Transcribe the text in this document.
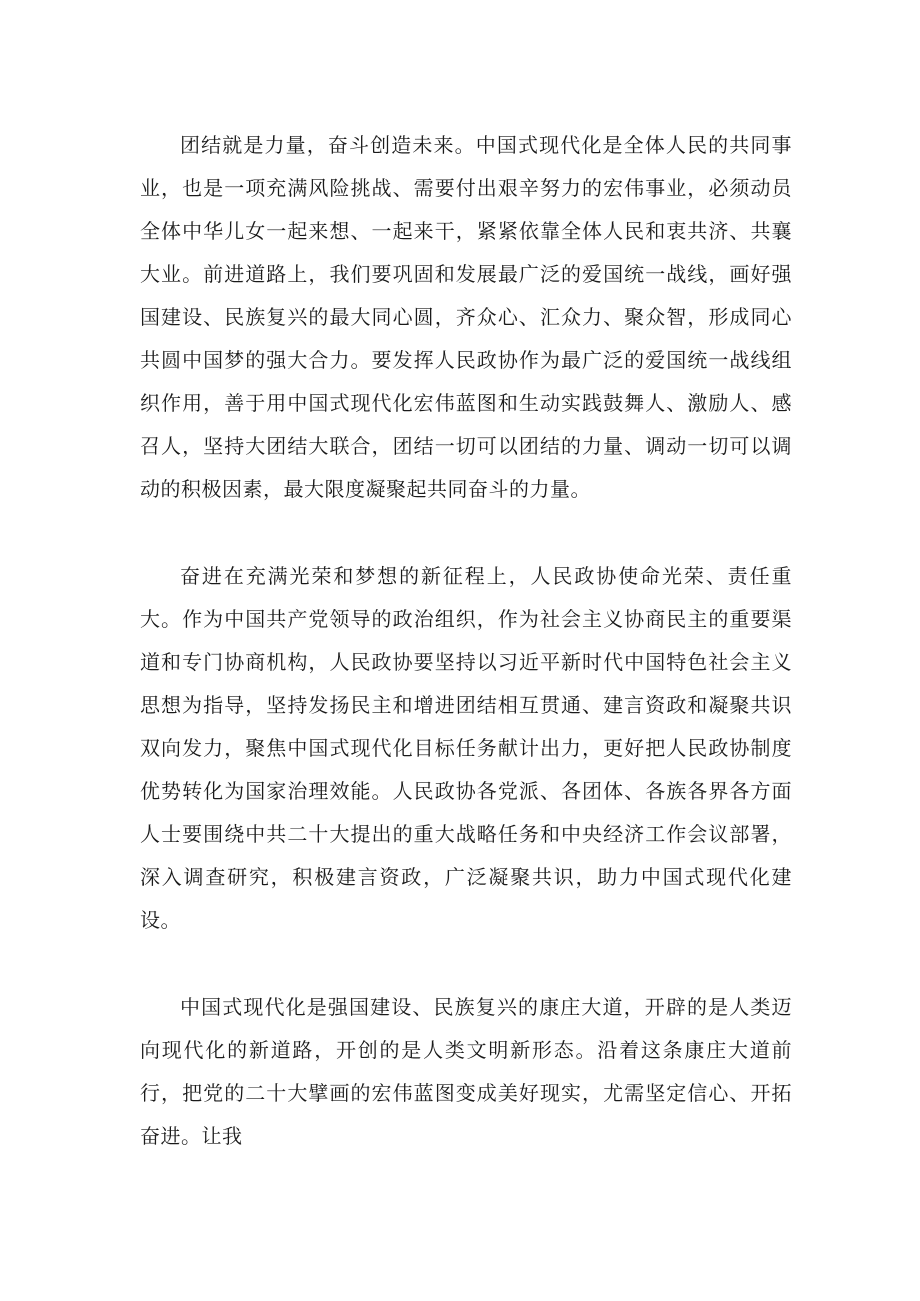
团结就是力量，奋斗创造未来。中国式现代化是全体人民的共同事业，也是一项充满风险挑战、需要付出艰辛努力的宏伟事业，必须动员全体中华儿女一起来想、一起来干，紧紧依靠全体人民和衷共济、共襄大业。前进道路上，我们要巩固和发展最广泛的爱国统一战线，画好强国建设、民族复兴的最大同心圆，齐众心、汇众力、聚众智，形成同心共圆中国梦的强大合力。要发挥人民政协作为最广泛的爱国统一战线组织作用，善于用中国式现代化宏伟蓝图和生动实践鼓舞人、激励人、感召人，坚持大团结大联合，团结一切可以团结的力量、调动一切可以调动的积极因素，最大限度凝聚起共同奋斗的力量。

奋进在充满光荣和梦想的新征程上，人民政协使命光荣、责任重大。作为中国共产党领导的政治组织，作为社会主义协商民主的重要渠道和专门协商机构，人民政协要坚持以习近平新时代中国特色社会主义思想为指导，坚持发扬民主和增进团结相互贯通、建言资政和凝聚共识双向发力，聚焦中国式现代化目标任务献计出力，更好把人民政协制度优势转化为国家治理效能。人民政协各党派、各团体、各族各界各方面人士要围绕中共二十大提出的重大战略任务和中央经济工作会议部署，深入调查研究，积极建言资政，广泛凝聚共识，助力中国式现代化建设。

中国式现代化是强国建设、民族复兴的康庄大道，开辟的是人类迈向现代化的新道路，开创的是人类文明新形态。沿着这条康庄大道前行，把党的二十大擘画的宏伟蓝图变成美好现实，尤需坚定信心、开拓奋进。让我
